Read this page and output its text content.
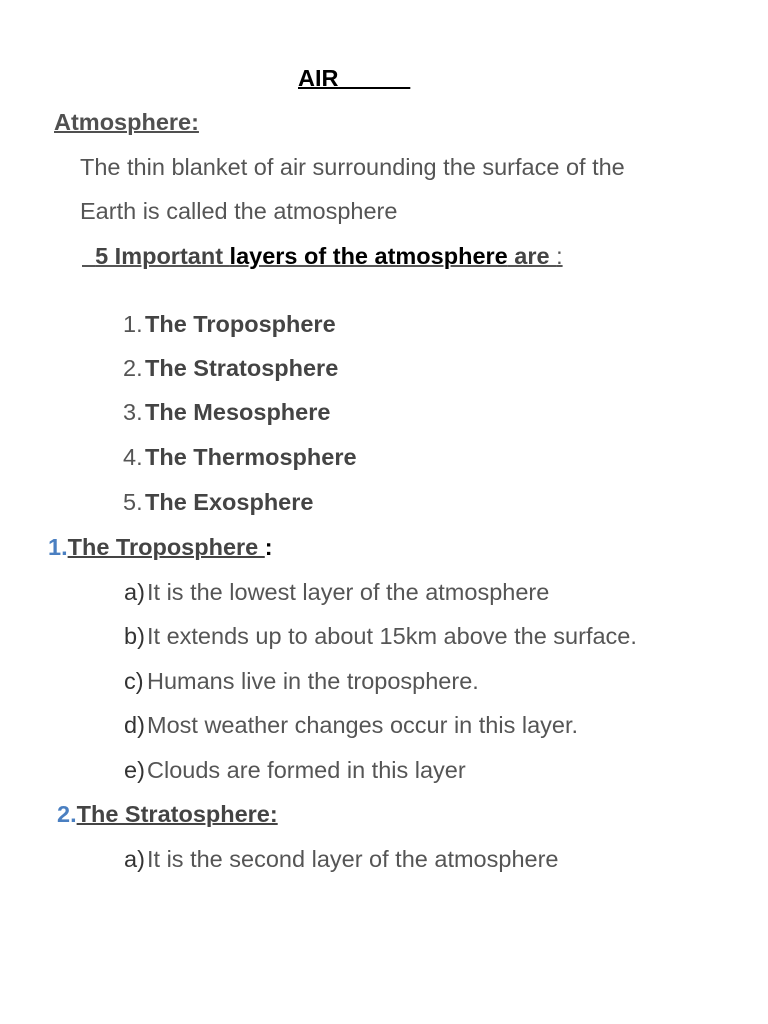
AIR
Atmosphere:
The thin blanket of air surrounding the surface of the
Earth is called the atmosphere
5 Important layers of the atmosphere are :
1. The Troposphere
2. The Stratosphere
3. The Mesosphere
4. The Thermosphere
5. The Exosphere
1.The Troposphere :
a)It is the lowest layer of the atmosphere
b)It extends up to about 15km above the surface.
c) Humans live in the troposphere.
d)Most weather changes occur in this layer.
e)Clouds are formed in this layer
2.The Stratosphere:
a)It is the second layer of the atmosphere
